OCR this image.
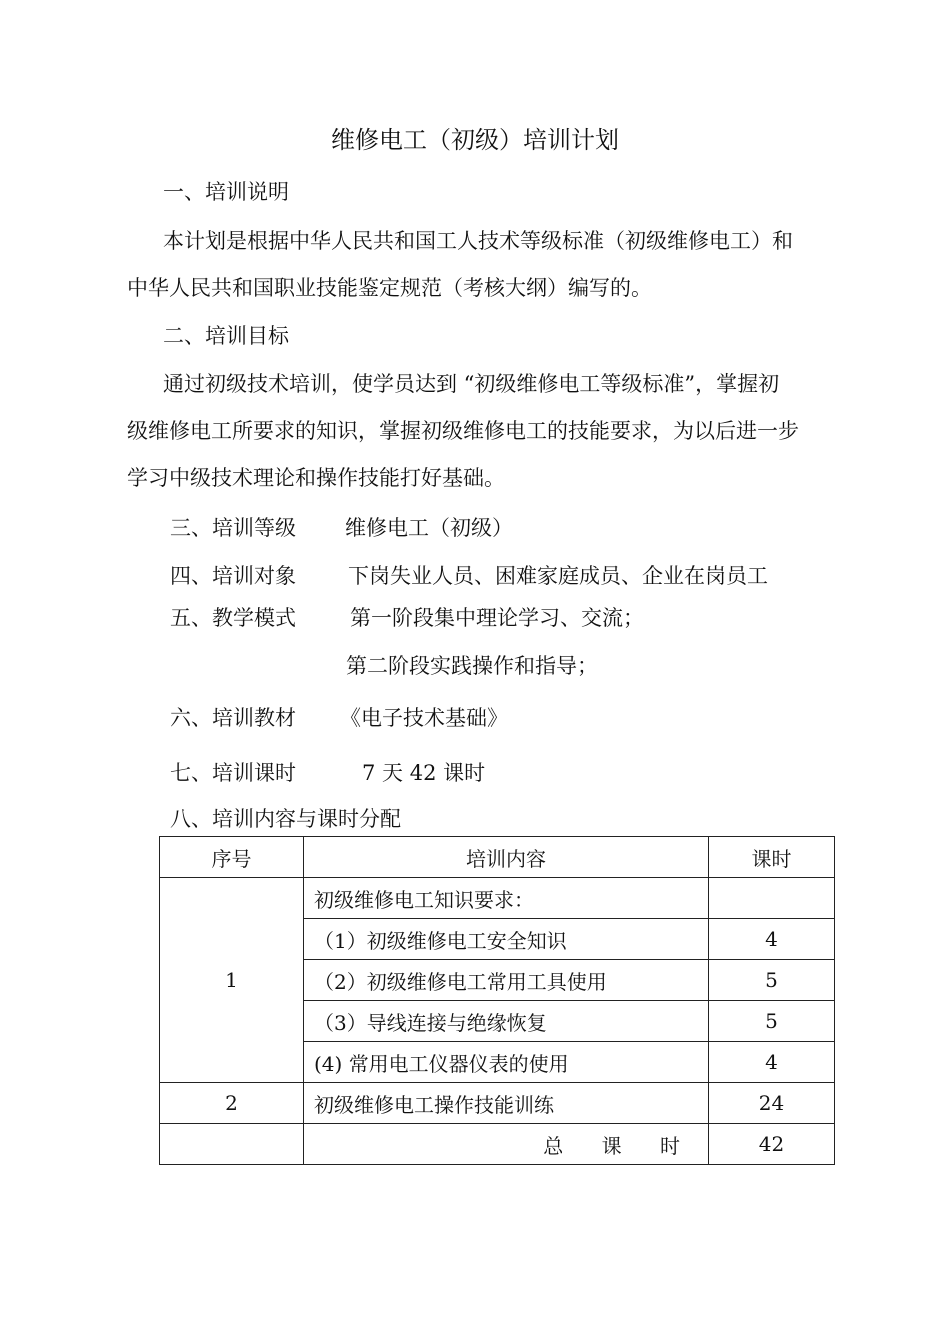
维修电工（初级）培训计划
一、培训说明
本计划是根据中华人民共和国工人技术等级标准（初级维修电工）和
中华人民共和国职业技能鉴定规范（考核大纲）编写的。
二、培训目标
通过初级技术培训，使学员达到 “初级维修电工等级标准”，掌握初
级维修电工所要求的知识，掌握初级维修电工的技能要求，为以后进一步
学习中级技术理论和操作技能打好基础。
三、培训等级 维修电工（初级）
四、培训对象 下岗失业人员、困难家庭成员、企业在岗员工
五、教学模式	第一阶段集中理论学习、交流；
第二阶段实践操作和指导；
六、培训教材 《电子技术基础》
七、培训课时	7 天 42 课时
八、培训内容与课时分配
序号	培训内容	课时
1	初级维修电工知识要求：	
	（1）初级维修电工安全知识	4
	（2）初级维修电工常用工具使用	5
	（3）导线连接与绝缘恢复	5
	(4) 常用电工仪器仪表的使用	4
2	初级维修电工操作技能训练	24
	总 课 时	42
